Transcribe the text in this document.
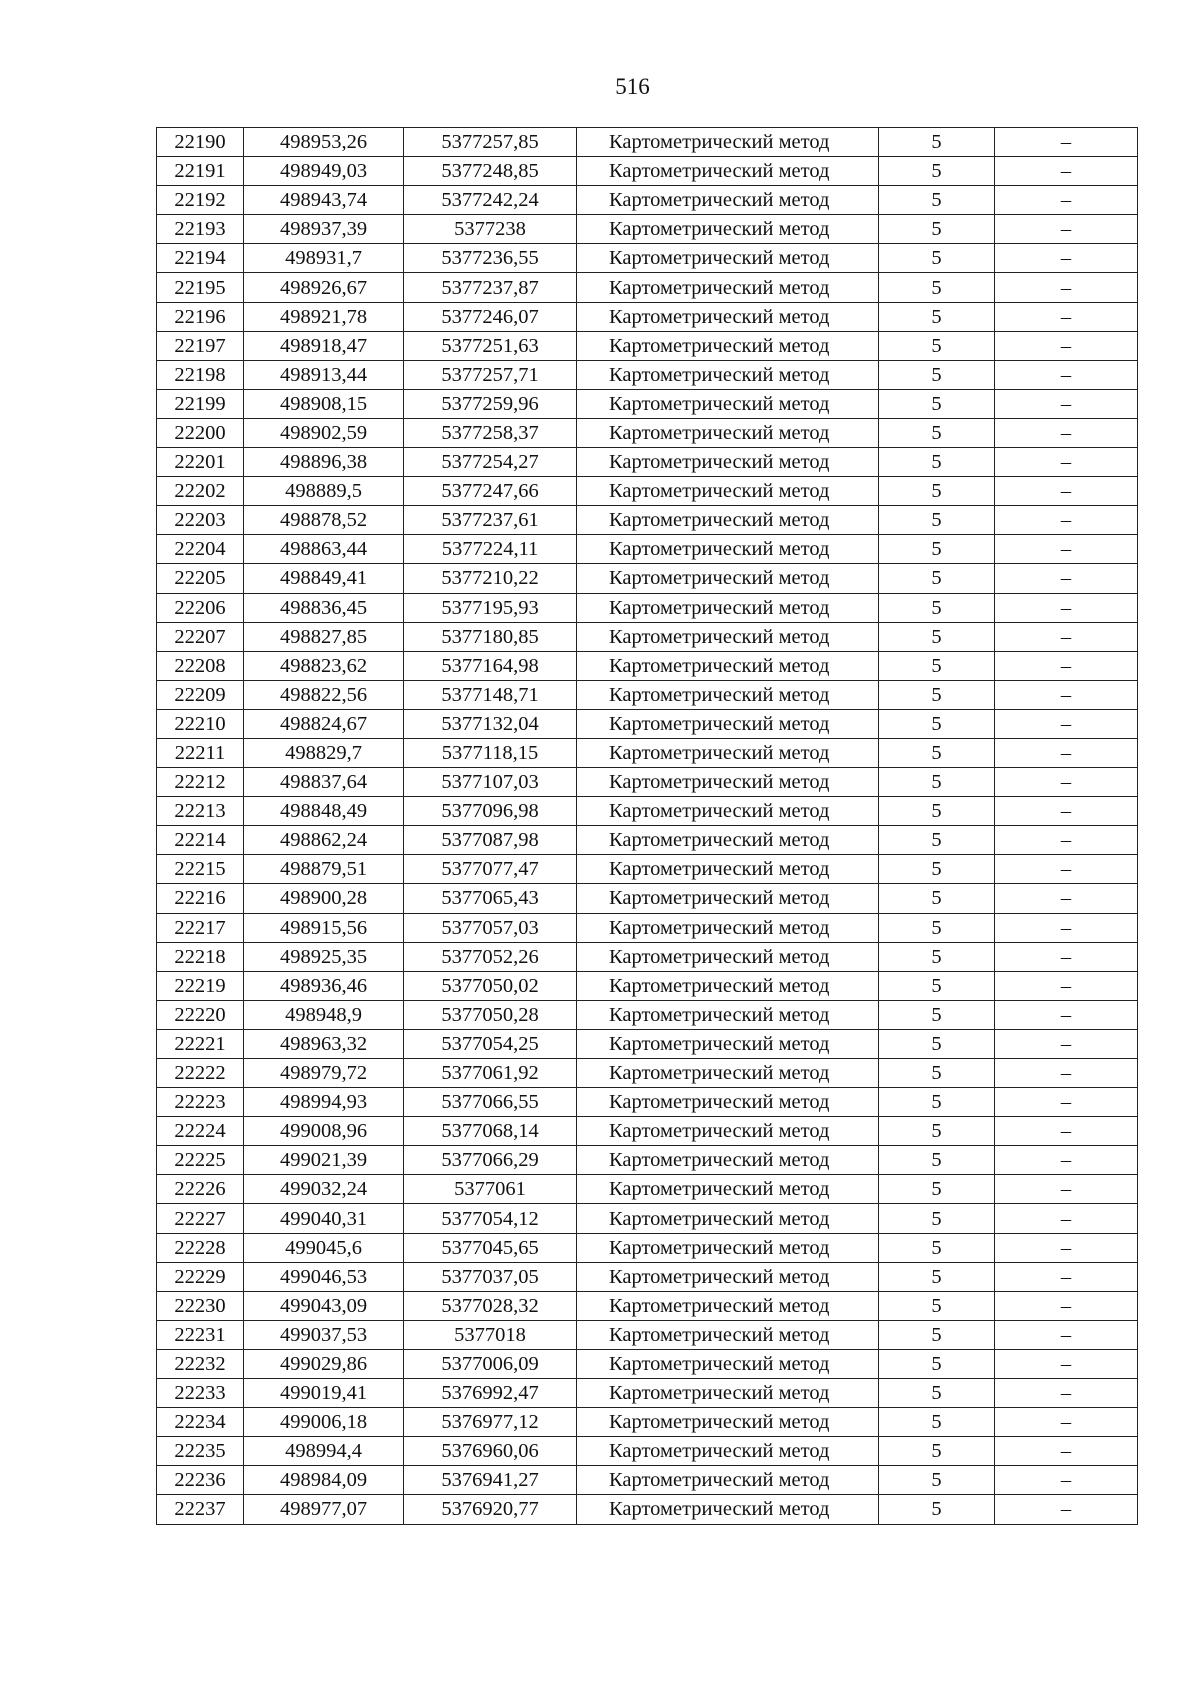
516
22190	498953,26	5377257,85	Картометрический метод	5	–
22191	498949,03	5377248,85	Картометрический метод	5	–
22192	498943,74	5377242,24	Картометрический метод	5	–
22193	498937,39	5377238	Картометрический метод	5	–
22194	498931,7	5377236,55	Картометрический метод	5	–
22195	498926,67	5377237,87	Картометрический метод	5	–
22196	498921,78	5377246,07	Картометрический метод	5	–
22197	498918,47	5377251,63	Картометрический метод	5	–
22198	498913,44	5377257,71	Картометрический метод	5	–
22199	498908,15	5377259,96	Картометрический метод	5	–
22200	498902,59	5377258,37	Картометрический метод	5	–
22201	498896,38	5377254,27	Картометрический метод	5	–
22202	498889,5	5377247,66	Картометрический метод	5	–
22203	498878,52	5377237,61	Картометрический метод	5	–
22204	498863,44	5377224,11	Картометрический метод	5	–
22205	498849,41	5377210,22	Картометрический метод	5	–
22206	498836,45	5377195,93	Картометрический метод	5	–
22207	498827,85	5377180,85	Картометрический метод	5	–
22208	498823,62	5377164,98	Картометрический метод	5	–
22209	498822,56	5377148,71	Картометрический метод	5	–
22210	498824,67	5377132,04	Картометрический метод	5	–
22211	498829,7	5377118,15	Картометрический метод	5	–
22212	498837,64	5377107,03	Картометрический метод	5	–
22213	498848,49	5377096,98	Картометрический метод	5	–
22214	498862,24	5377087,98	Картометрический метод	5	–
22215	498879,51	5377077,47	Картометрический метод	5	–
22216	498900,28	5377065,43	Картометрический метод	5	–
22217	498915,56	5377057,03	Картометрический метод	5	–
22218	498925,35	5377052,26	Картометрический метод	5	–
22219	498936,46	5377050,02	Картометрический метод	5	–
22220	498948,9	5377050,28	Картометрический метод	5	–
22221	498963,32	5377054,25	Картометрический метод	5	–
22222	498979,72	5377061,92	Картометрический метод	5	–
22223	498994,93	5377066,55	Картометрический метод	5	–
22224	499008,96	5377068,14	Картометрический метод	5	–
22225	499021,39	5377066,29	Картометрический метод	5	–
22226	499032,24	5377061	Картометрический метод	5	–
22227	499040,31	5377054,12	Картометрический метод	5	–
22228	499045,6	5377045,65	Картометрический метод	5	–
22229	499046,53	5377037,05	Картометрический метод	5	–
22230	499043,09	5377028,32	Картометрический метод	5	–
22231	499037,53	5377018	Картометрический метод	5	–
22232	499029,86	5377006,09	Картометрический метод	5	–
22233	499019,41	5376992,47	Картометрический метод	5	–
22234	499006,18	5376977,12	Картометрический метод	5	–
22235	498994,4	5376960,06	Картометрический метод	5	–
22236	498984,09	5376941,27	Картометрический метод	5	–
22237	498977,07	5376920,77	Картометрический метод	5	–
